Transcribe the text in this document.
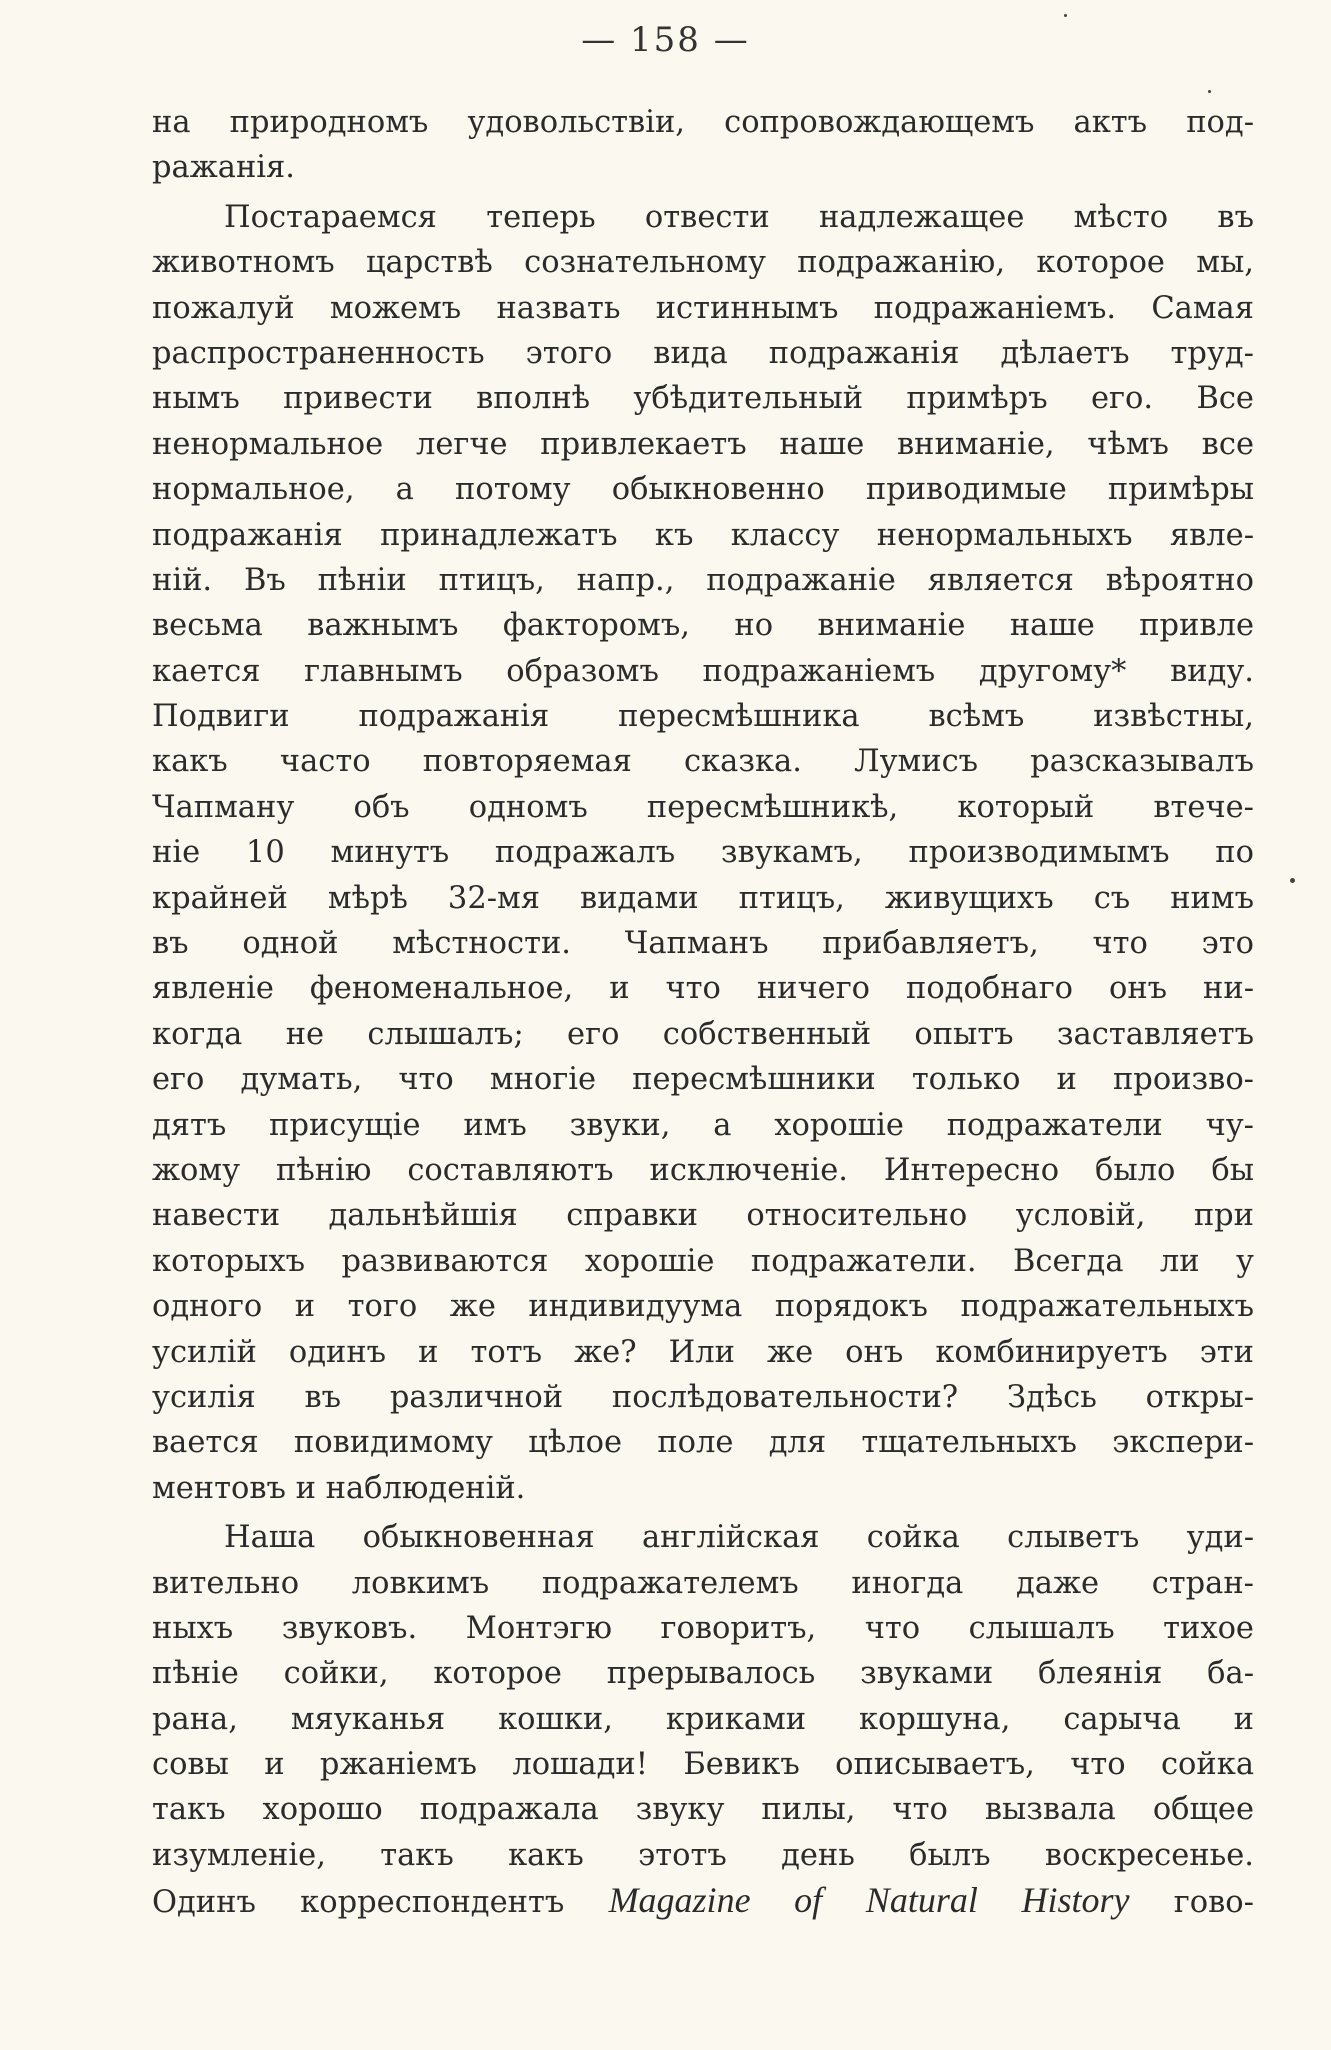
— 158 —
на природномъ удовольствіи, сопровождающемъ актъ под-
ражанія.
Постараемся теперь отвести надлежащее мѣсто въ
животномъ царствѣ сознательному подражанію, которое мы,
пожалуй можемъ назвать истиннымъ подражаніемъ. Самая
распространенность этого вида подражанія дѣлаетъ труд-
нымъ привести вполнѣ убѣдительный примѣръ его. Все
ненормальное легче привлекаетъ наше вниманіе, чѣмъ все
нормальное, а потому обыкновенно приводимые примѣры
подражанія принадлежатъ къ классу ненормальныхъ явле-
ній. Въ пѣніи птицъ, напр., подражаніе является вѣроятно
весьма важнымъ факторомъ, но вниманіе наше привле
кается главнымъ образомъ подражаніемъ другому* виду.
Подвиги подражанія пересмѣшника всѣмъ извѣстны,
какъ часто повторяемая сказка. Лумисъ разсказывалъ
Чапману объ одномъ пересмѣшникѣ, который втече-
ніе 10 минутъ подражалъ звукамъ, производимымъ по
крайней мѣрѣ 32-мя видами птицъ, живущихъ съ нимъ
въ одной мѣстности. Чапманъ прибавляетъ, что это
явленіе феноменальное, и что ничего подобнаго онъ ни-
когда не слышалъ; его собственный опытъ заставляетъ
его думать, что многіе пересмѣшники только и произво-
дятъ присущіе имъ звуки, а хорошіе подражатели чу-
жому пѣнію составляютъ исключеніе. Интересно было бы
навести дальнѣйшія справки относительно условій, при
которыхъ развиваются хорошіе подражатели. Всегда ли у
одного и того же индивидуума порядокъ подражательныхъ
усилій одинъ и тотъ же? Или же онъ комбинируетъ эти
усилія въ различной послѣдовательности? Здѣсь откры-
вается повидимому цѣлое поле для тщательныхъ экспери-
ментовъ и наблюденій.
Наша обыкновенная англійская сойка слыветъ уди-
вительно ловкимъ подражателемъ иногда даже стран-
ныхъ звуковъ. Монтэгю говоритъ, что слышалъ тихое
пѣніе сойки, которое прерывалось звуками блеянія ба-
рана, мяуканья кошки, криками коршуна, сарыча и
совы и ржаніемъ лошади! Бевикъ описываетъ, что сойка
такъ хорошо подражала звуку пилы, что вызвала общее
изумленіе, такъ какъ этотъ день былъ воскресенье.
Одинъ корреспондентъ Magazine of Natural History гово-
